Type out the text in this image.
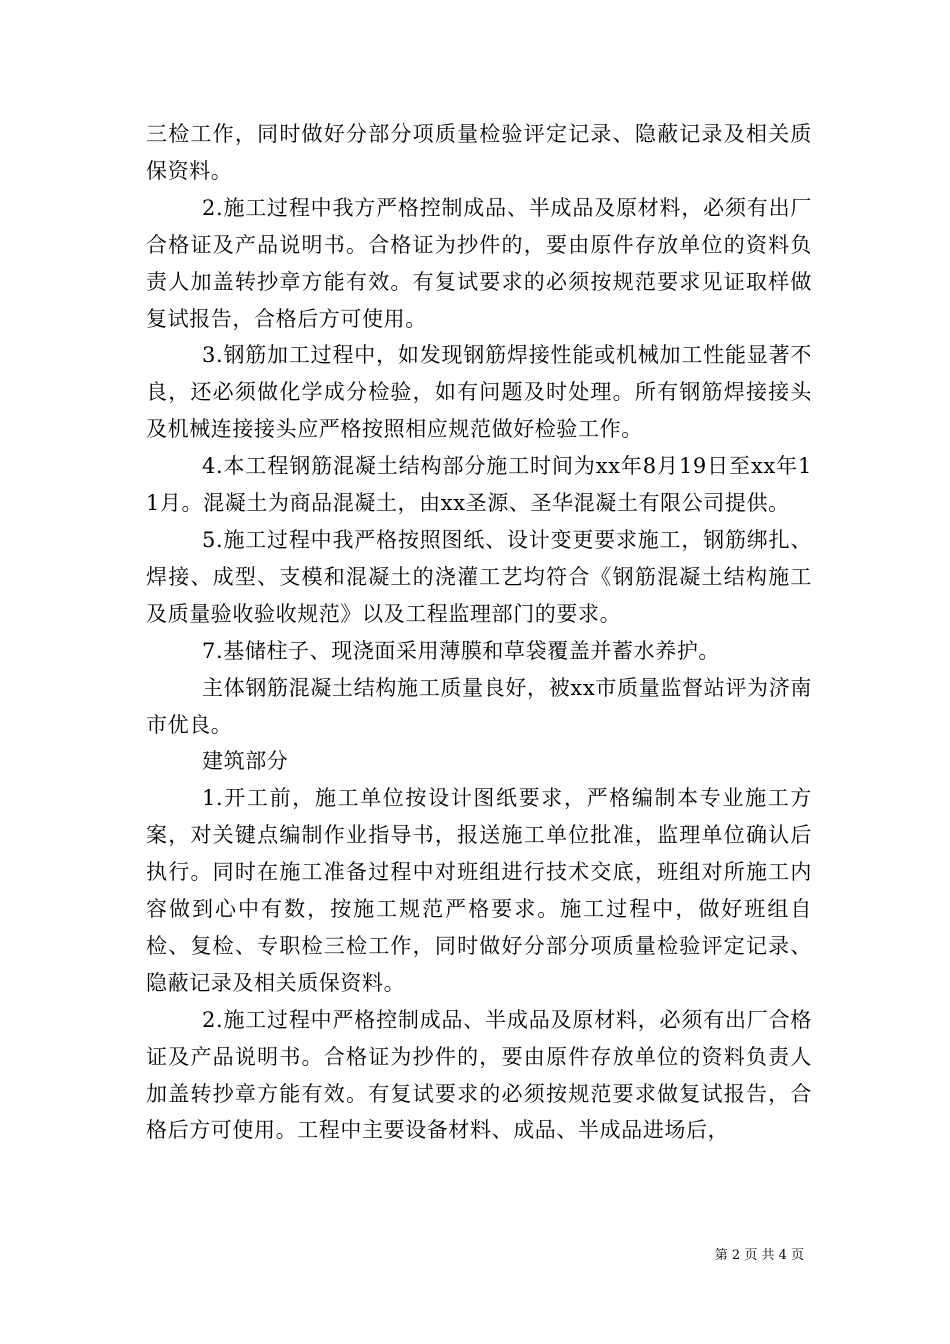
三检工作，同时做好分部分项质量检验评定记录、隐蔽记录及相关质保资料。

2.施工过程中我方严格控制成品、半成品及原材料，必须有出厂合格证及产品说明书。合格证为抄件的，要由原件存放单位的资料负责人加盖转抄章方能有效。有复试要求的必须按规范要求见证取样做复试报告，合格后方可使用。

3.钢筋加工过程中，如发现钢筋焊接性能或机械加工性能显著不良，还必须做化学成分检验，如有问题及时处理。所有钢筋焊接接头及机械连接接头应严格按照相应规范做好检验工作。

4.本工程钢筋混凝土结构部分施工时间为xx年8月19日至xx年11月。混凝土为商品混凝土，由xx圣源、圣华混凝土有限公司提供。

5.施工过程中我严格按照图纸、设计变更要求施工，钢筋绑扎、焊接、成型、支模和混凝土的浇灌工艺均符合《钢筋混凝土结构施工及质量验收验收规范》以及工程监理部门的要求。

7.基储柱子、现浇面采用薄膜和草袋覆盖并蓄水养护。

主体钢筋混凝土结构施工质量良好，被xx市质量监督站评为济南市优良。

建筑部分

1.开工前，施工单位按设计图纸要求，严格编制本专业施工方案，对关键点编制作业指导书，报送施工单位批准，监理单位确认后执行。同时在施工准备过程中对班组进行技术交底，班组对所施工内容做到心中有数，按施工规范严格要求。施工过程中，做好班组自检、复检、专职检三检工作，同时做好分部分项质量检验评定记录、隐蔽记录及相关质保资料。

2.施工过程中严格控制成品、半成品及原材料，必须有出厂合格证及产品说明书。合格证为抄件的，要由原件存放单位的资料负责人加盖转抄章方能有效。有复试要求的必须按规范要求做复试报告，合格后方可使用。工程中主要设备材料、成品、半成品进场后，

第 2 页 共 4 页
